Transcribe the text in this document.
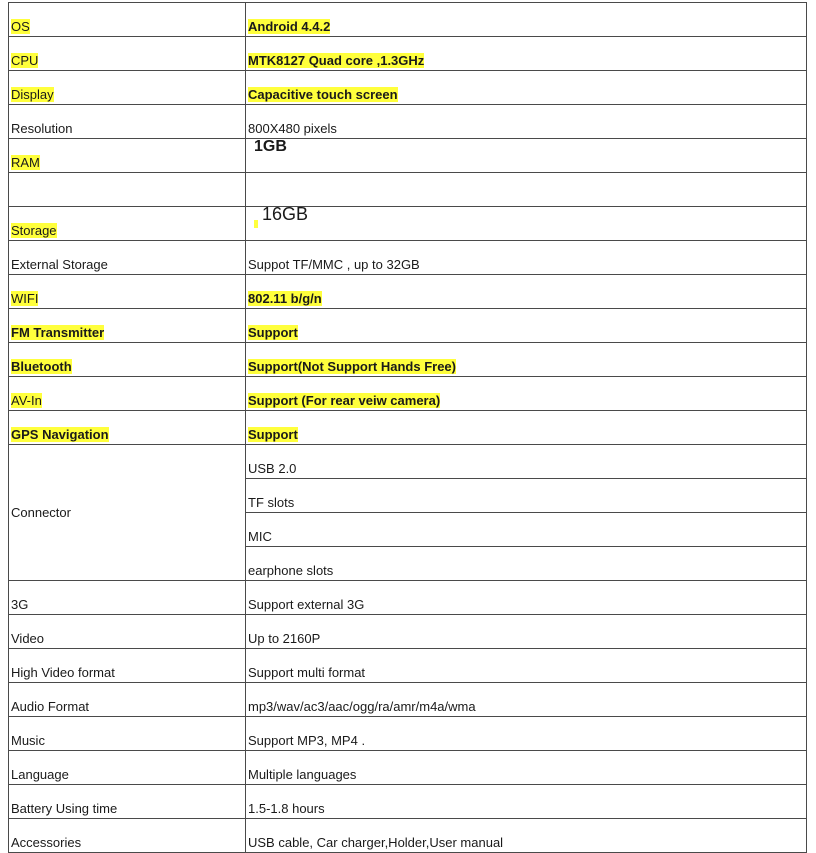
OS	Android 4.4.2
CPU	MTK8127 Quad core ,1.3GHz
Display	Capacitive touch screen
Resolution	800X480 pixels
RAM	1GB

Storage	16GB
External Storage	Suppot TF/MMC , up to 32GB
WIFI	802.11 b/g/n
FM Transmitter	Support
Bluetooth	Support(Not Support Hands Free)
AV-In	Support (For rear veiw camera)
GPS Navigation	Support
Connector	USB 2.0
	TF slots
	MIC
	earphone slots
3G	Support external 3G
Video	Up to 2160P
High Video format	Support multi format
Audio Format	mp3/wav/ac3/aac/ogg/ra/amr/m4a/wma
Music	Support MP3, MP4 .
Language	Multiple languages
Battery Using time	1.5-1.8 hours
Accessories	USB cable, Car charger,Holder,User manual
